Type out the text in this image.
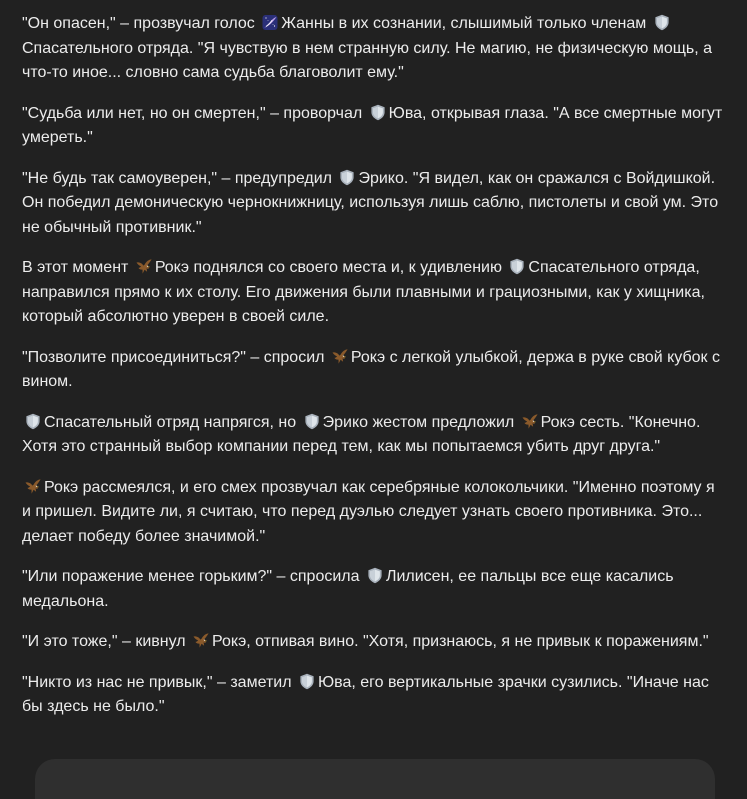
"Он опасен," – прозвучал голос
Жанны в их сознании, слышимый только членам
Спасательного отряда. "Я чувствую в нем странную силу. Не магию, не физическую мощь, а что-то иное... словно сама судьба благоволит ему."

"Судьба или нет, но он смертен," – проворчал
Юва, открывая глаза. "А все смертные могут умереть."

"Не будь так самоуверен," – предупредил
Эрико. "Я видел, как он сражался с Войдишкой. Он победил демоническую чернокнижницу, используя лишь саблю, пистолеты и свой ум. Это не обычный противник."

В этот момент
Рокэ поднялся со своего места и, к удивлению
Спасательного отряда, направился прямо к их столу. Его движения были плавными и грациозными, как у хищника, который абсолютно уверен в своей силе.

"Позволите присоединиться?" – спросил
Рокэ с легкой улыбкой, держа в руке свой кубок с вином.

Спасательный отряд напрягся, но
Эрико жестом предложил
Рокэ сесть. "Конечно. Хотя это странный выбор компании перед тем, как мы попытаемся убить друг друга."

Рокэ рассмеялся, и его смех прозвучал как серебряные колокольчики. "Именно поэтому я и пришел. Видите ли, я считаю, что перед дуэлью следует узнать своего противника. Это... делает победу более значимой."

"Или поражение менее горьким?" – спросила
Лилисен, ее пальцы все еще касались медальона.

"И это тоже," – кивнул
Рокэ, отпивая вино. "Хотя, признаюсь, я не привык к поражениям."

"Никто из нас не привык," – заметил
Юва, его вертикальные зрачки сузились. "Иначе нас бы здесь не было."
